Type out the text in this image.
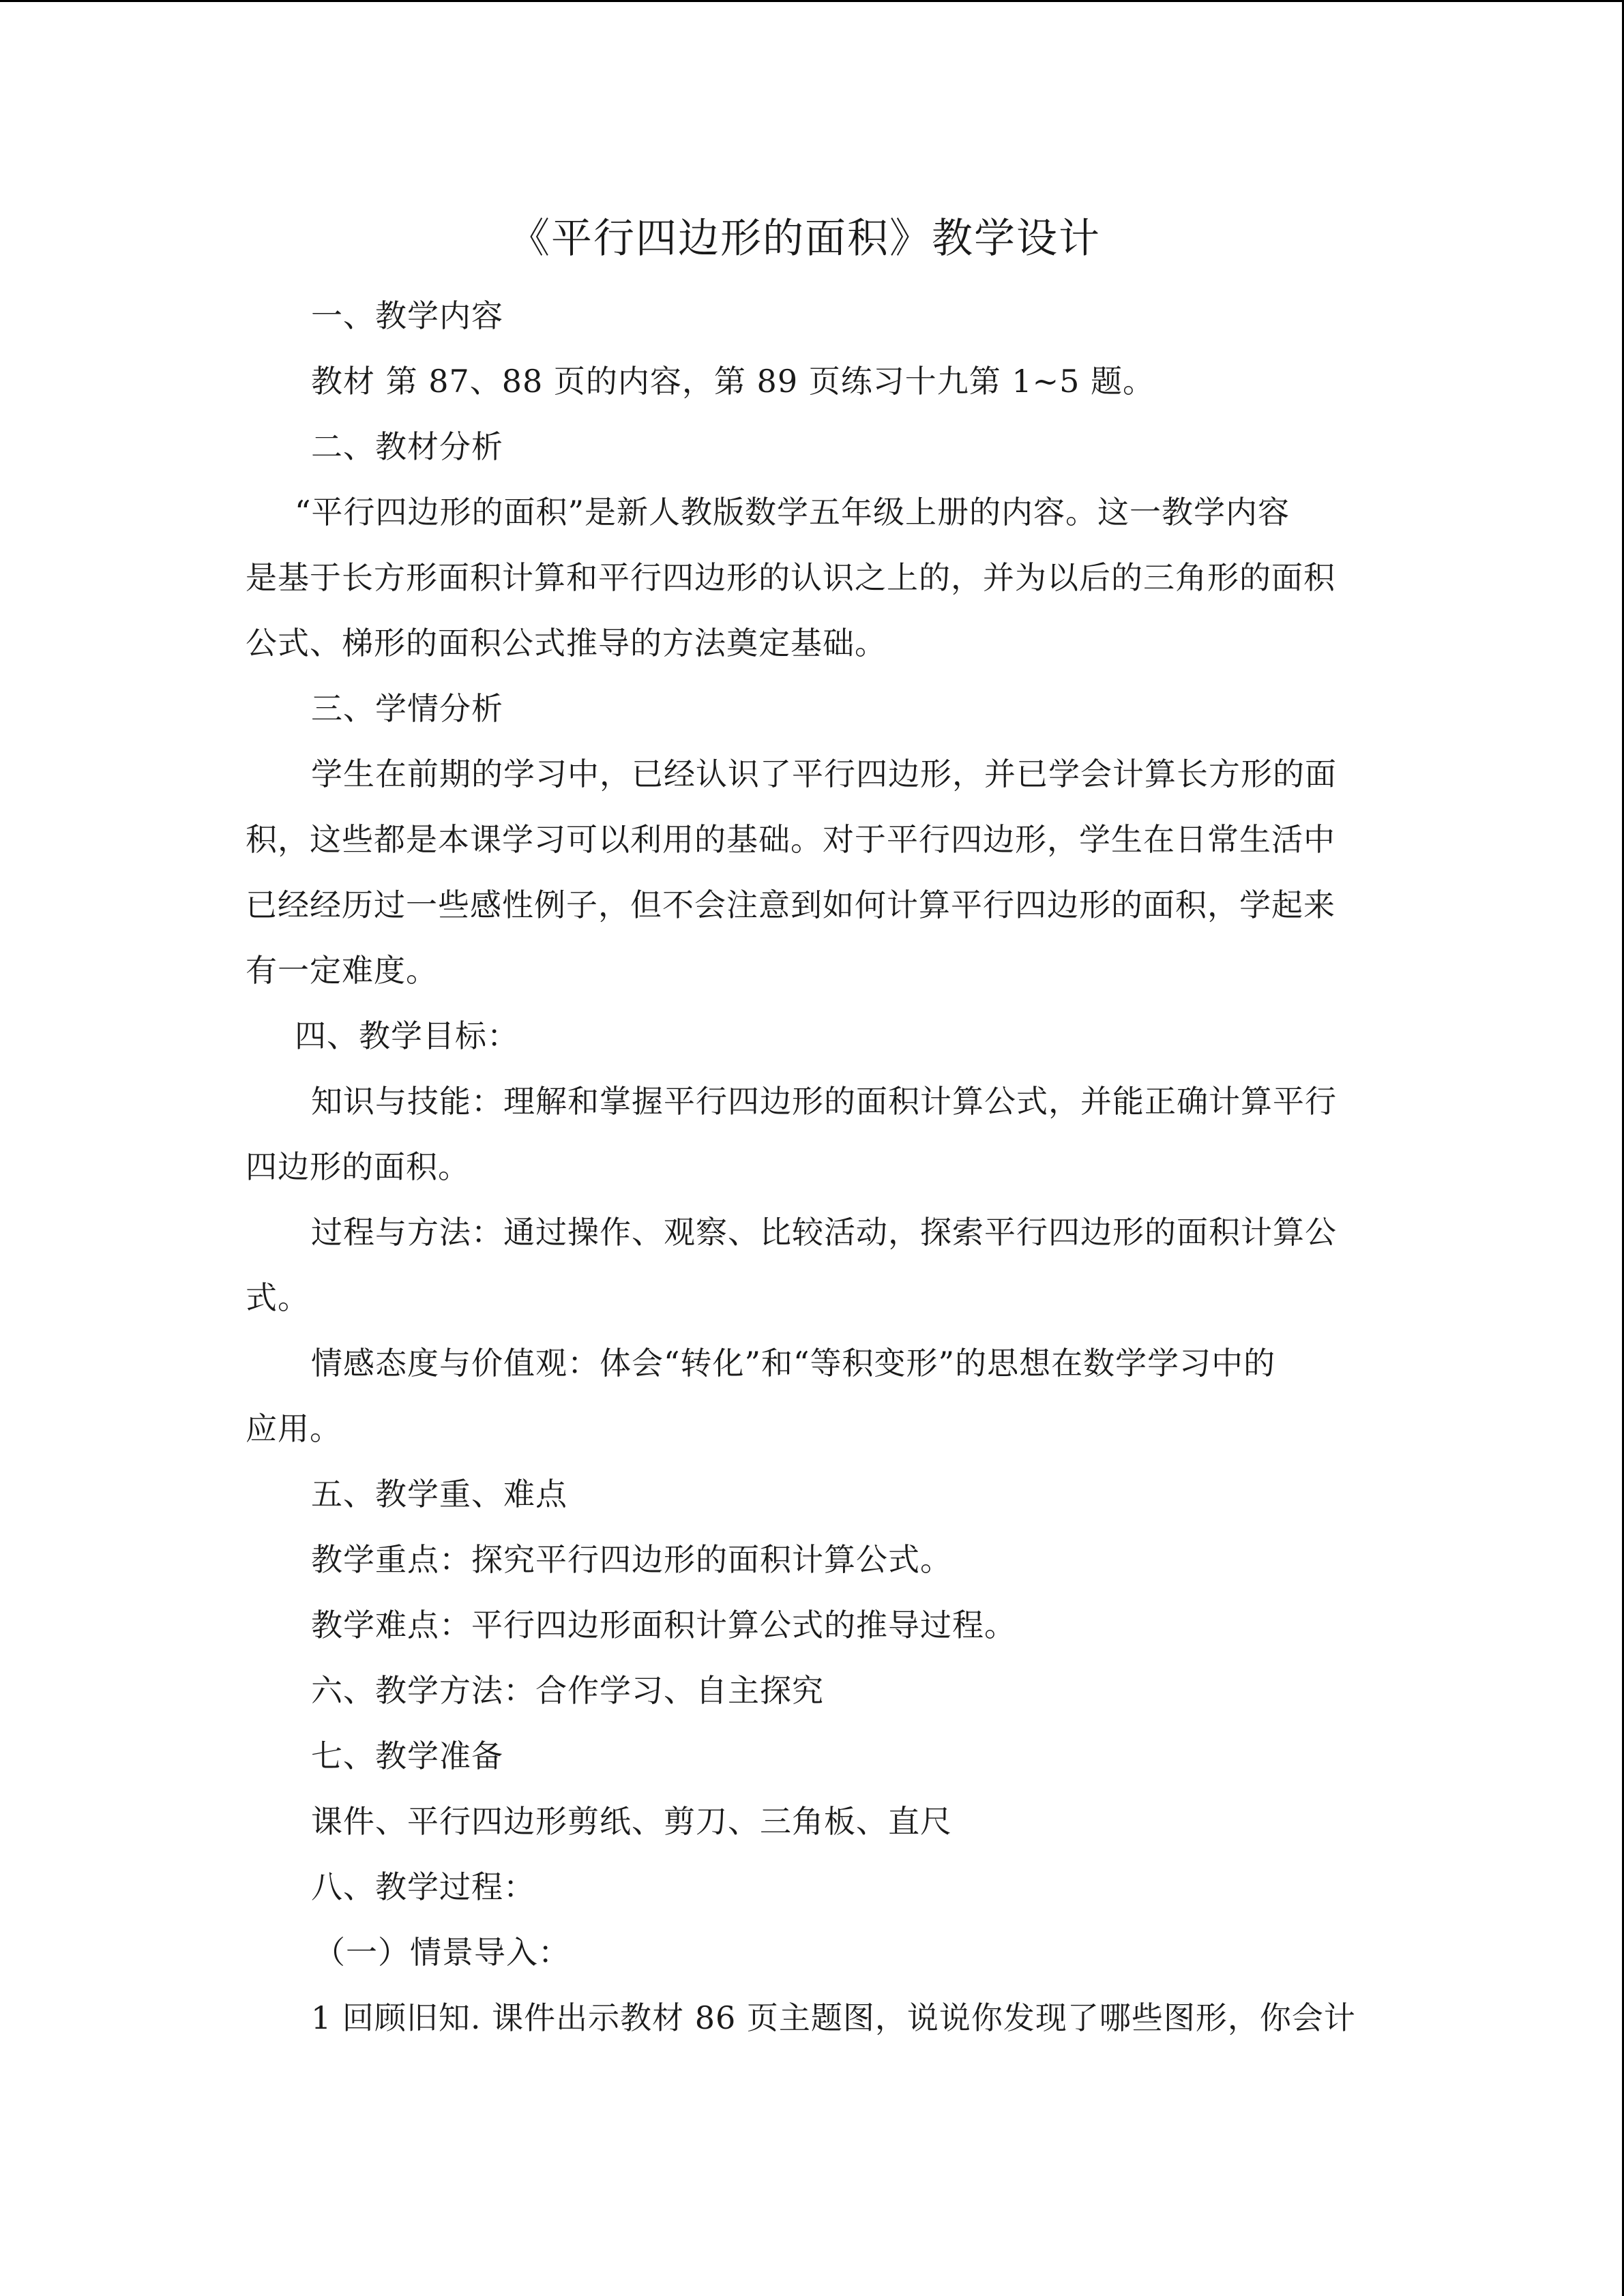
《平行四边形的面积》教学设计
一、教学内容
教材 第 87、88 页的内容，第 89 页练习十九第 1~5 题。
二、教材分析
“平行四边形的面积”是新人教版数学五年级上册的内容。这一教学内容
是基于长方形面积计算和平行四边形的认识之上的，并为以后的三角形的面积
公式、梯形的面积公式推导的方法奠定基础。
三、学情分析
学生在前期的学习中，已经认识了平行四边形，并已学会计算长方形的面
积，这些都是本课学习可以利用的基础。对于平行四边形，学生在日常生活中
已经经历过一些感性例子，但不会注意到如何计算平行四边形的面积，学起来
有一定难度。
四、教学目标：
知识与技能：理解和掌握平行四边形的面积计算公式，并能正确计算平行
四边形的面积。
过程与方法：通过操作、观察、比较活动，探索平行四边形的面积计算公
式。
情感态度与价值观：体会“转化”和“等积变形”的思想在数学学习中的
应用。
五、教学重、难点
教学重点：探究平行四边形的面积计算公式。
教学难点：平行四边形面积计算公式的推导过程。
六、教学方法：合作学习、自主探究
七、教学准备
课件、平行四边形剪纸、剪刀、三角板、直尺
八、教学过程：
（一）情景导入：
1 回顾旧知. 课件出示教材 86 页主题图，说说你发现了哪些图形，你会计
